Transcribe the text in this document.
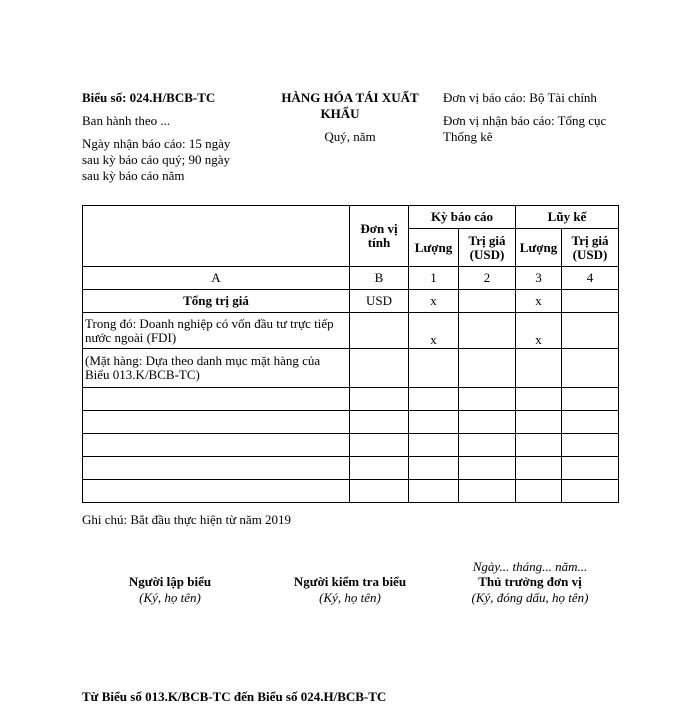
Biểu số: 024.H/BCB-TC
Ban hành theo ...
Ngày nhận báo cáo: 15 ngày
sau kỳ báo cáo quý; 90 ngày
sau kỳ báo cáo năm
HÀNG HÓA TÁI XUẤT
KHẨU
Quý, năm
Đơn vị báo cáo: Bộ Tài chính
Đơn vị nhận báo cáo: Tổng cục
Thống kê
	Đơn vị tính	Kỳ báo cáo		Lũy kế	
		Lượng	Trị giá (USD)	Lượng	Trị giá (USD)
A	B	1	2	3	4
Tổng trị giá	USD	x		x	
Trong đó: Doanh nghiệp có vốn đầu tư trực tiếp nước ngoài (FDI)		x		x	
(Mặt hàng: Dựa theo danh mục mặt hàng của Biểu 013.K/BCB-TC)					

Ghi chú: Bắt đầu thực hiện từ năm 2019
Ngày... tháng... năm...
Người lập biểu
(Ký, họ tên)
Người kiểm tra biểu
(Ký, họ tên)
Thủ trưởng đơn vị
(Ký, đóng dấu, họ tên)
Từ Biểu số 013.K/BCB-TC đến Biểu số 024.H/BCB-TC
